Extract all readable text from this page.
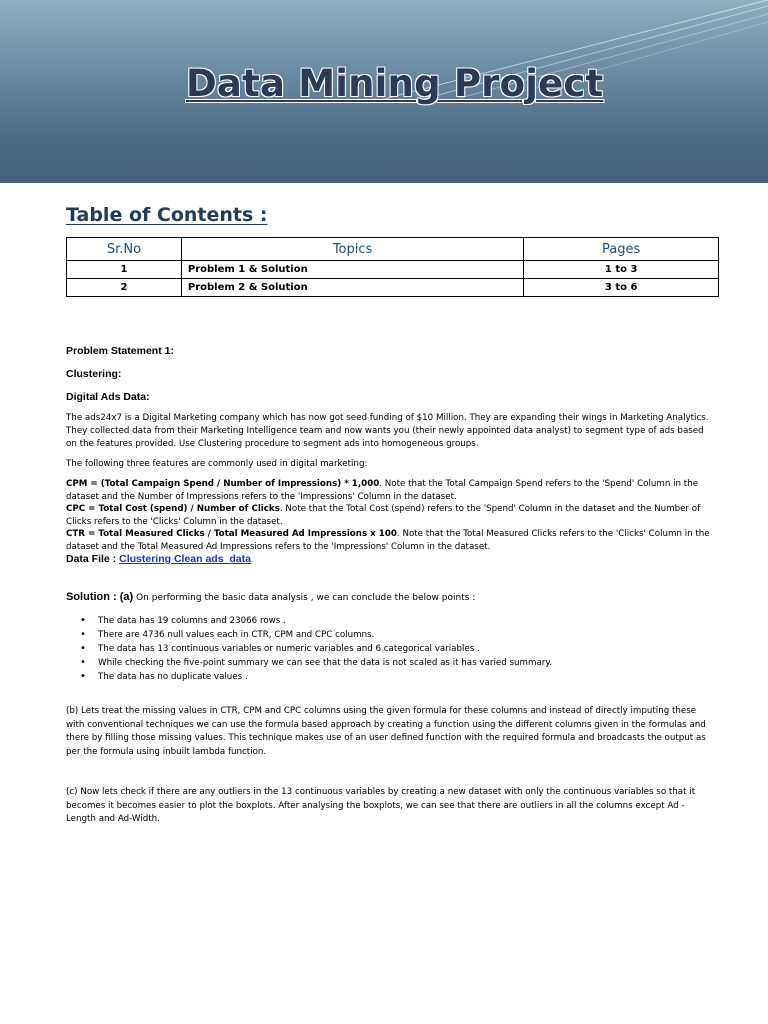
Data Mining Project
Table of Contents :
Sr.No	Topics	Pages
1	Problem 1 & Solution	1 to 3
2	Problem 2 & Solution	3 to 6
Problem Statement 1:
Clustering:
Digital Ads Data:

The ads24x7 is a Digital Marketing company which has now got seed funding of $10 Million. They are expanding their wings in Marketing Analytics. They collected data from their Marketing Intelligence team and now wants you (their newly appointed data analyst) to segment type of ads based on the features provided. Use Clustering procedure to segment ads into homogeneous groups.

The following three features are commonly used in digital marketing:

CPM = (Total Campaign Spend / Number of Impressions) * 1,000. Note that the Total Campaign Spend refers to the 'Spend' Column in the dataset and the Number of Impressions refers to the 'Impressions' Column in the dataset.

CPC = Total Cost (spend) / Number of Clicks. Note that the Total Cost (spend) refers to the 'Spend' Column in the dataset and the Number of Clicks refers to the 'Clicks' Column in the dataset.

CTR = Total Measured Clicks / Total Measured Ad Impressions x 100. Note that the Total Measured Clicks refers to the 'Clicks' Column in the dataset and the Total Measured Ad Impressions refers to the 'Impressions' Column in the dataset.

Data File : Clustering Clean ads_data
Solution : (a) On performing the basic data analysis , we can conclude the below points :
• The data has 19 columns and 23066 rows .
• There are 4736 null values each in CTR, CPM and CPC columns.
• The data has 13 continuous variables or numeric variables and 6 categorical variables .
• While checking the five-point summary we can see that the data is not scaled as it has varied summary.
• The data has no duplicate values .

(b) Lets treat the missing values in CTR, CPM and CPC columns using the given formula for these columns and instead of directly imputing these with conventional techniques we can use the formula based approach by creating a function using the different columns given in the formulas and there by filling those missing values. This technique makes use of an user defined function with the required formula and broadcasts the output as per the formula using inbuilt lambda function.

(c) Now lets check if there are any outliers in the 13 continuous variables by creating a new dataset with only the continuous variables so that it becomes it becomes easier to plot the boxplots. After analysing the boxplots, we can see that there are outliers in all the columns except Ad -Length and Ad-Width.
